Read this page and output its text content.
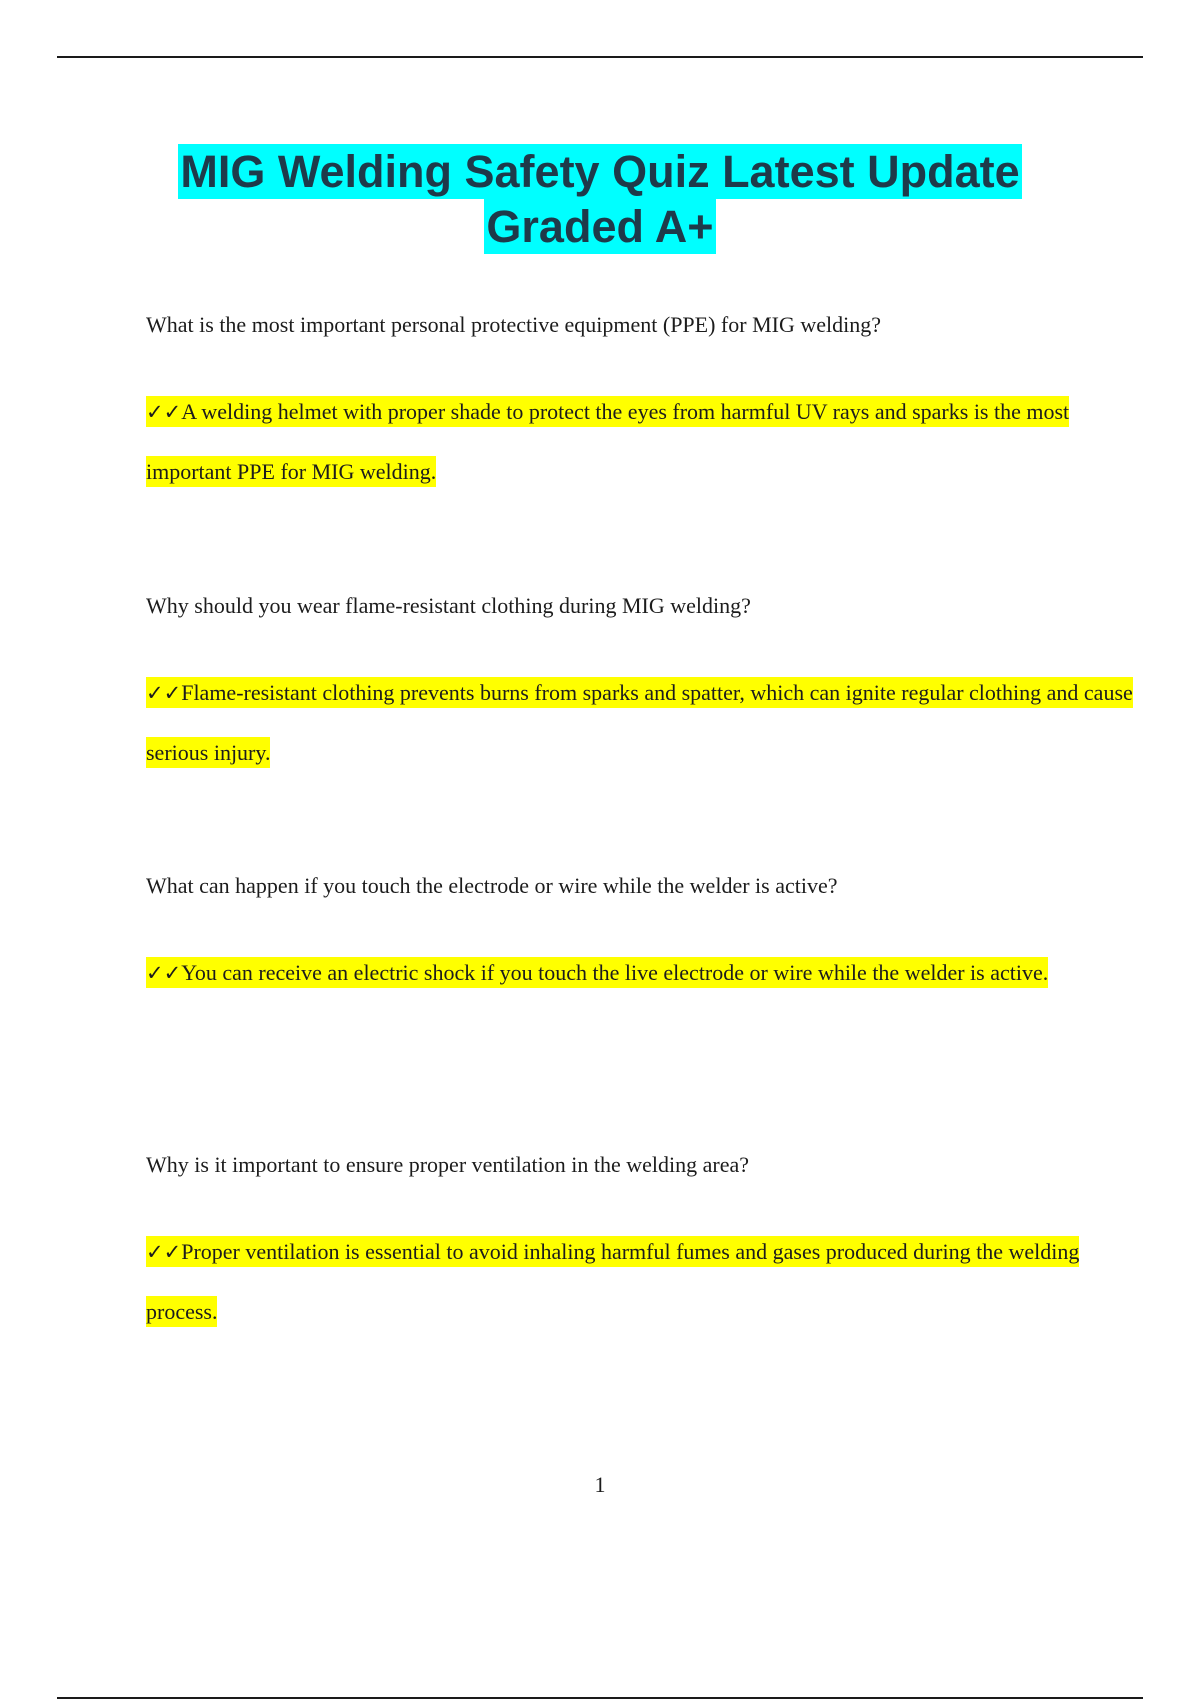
MIG Welding Safety Quiz Latest Update
Graded A+

What is the most important personal protective equipment (PPE) for MIG welding?

✓✓A welding helmet with proper shade to protect the eyes from harmful UV rays and sparks is the most important PPE for MIG welding.

Why should you wear flame-resistant clothing during MIG welding?

✓✓Flame-resistant clothing prevents burns from sparks and spatter, which can ignite regular clothing and cause serious injury.

What can happen if you touch the electrode or wire while the welder is active?

✓✓You can receive an electric shock if you touch the live electrode or wire while the welder is active.

Why is it important to ensure proper ventilation in the welding area?

✓✓Proper ventilation is essential to avoid inhaling harmful fumes and gases produced during the welding process.

1
